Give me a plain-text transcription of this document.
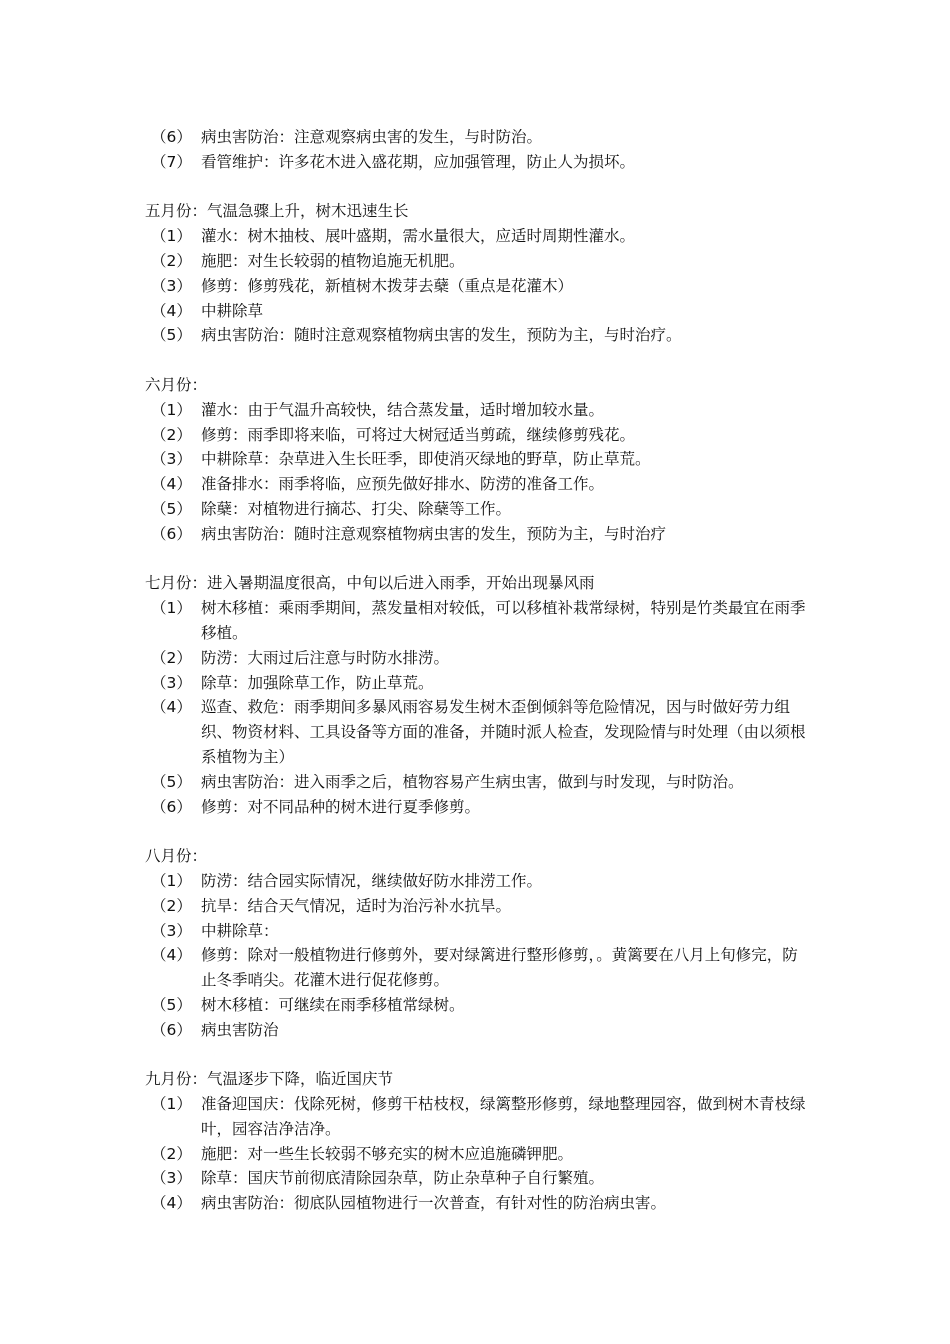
（6） 病虫害防治：注意观察病虫害的发生，与时防治。
（7） 看管维护：许多花木进入盛花期，应加强管理，防止人为损坏。
五月份：气温急骤上升，树木迅速生长
（1） 灌水：树木抽枝、展叶盛期，需水量很大，应适时周期性灌水。
（2） 施肥：对生长较弱的植物追施无机肥。
（3） 修剪：修剪残花，新植树木拨芽去蘖（重点是花灌木）
（4） 中耕除草
（5） 病虫害防治：随时注意观察植物病虫害的发生，预防为主，与时治疗。
六月份：
（1） 灌水：由于气温升高较快，结合蒸发量，适时增加较水量。
（2） 修剪：雨季即将来临，可将过大树冠适当剪疏，继续修剪残花。
（3） 中耕除草：杂草进入生长旺季，即使消灭绿地的野草，防止草荒。
（4） 准备排水：雨季将临，应预先做好排水、防涝的准备工作。
（5） 除蘖：对植物进行摘芯、打尖、除蘖等工作。
（6） 病虫害防治：随时注意观察植物病虫害的发生，预防为主，与时治疗
七月份：进入暑期温度很高，中旬以后进入雨季，开始出现暴风雨
（1） 树木移植：乘雨季期间，蒸发量相对较低，可以移植补栽常绿树，特别是竹类最宜在雨季移植。
（2） 防涝：大雨过后注意与时防水排涝。
（3） 除草：加强除草工作，防止草荒。
（4） 巡查、救危：雨季期间多暴风雨容易发生树木歪倒倾斜等危险情况，因与时做好劳力组织、物资材料、工具设备等方面的准备，并随时派人检查，发现险情与时处理（由以须根系植物为主）
（5） 病虫害防治：进入雨季之后，植物容易产生病虫害，做到与时发现，与时防治。
（6） 修剪：对不同品种的树木进行夏季修剪。
八月份：
（1） 防涝：结合园实际情况，继续做好防水排涝工作。
（2） 抗旱：结合天气情况，适时为治污补水抗旱。
（3） 中耕除草：
（4） 修剪：除对一般植物进行修剪外，要对绿篱进行整形修剪，。黄篱要在八月上旬修完，防止冬季哨尖。花灌木进行促花修剪。
（5） 树木移植：可继续在雨季移植常绿树。
（6） 病虫害防治
九月份：气温逐步下降，临近国庆节
（1） 准备迎国庆：伐除死树，修剪干枯枝杈，绿篱整形修剪，绿地整理园容，做到树木青枝绿叶，园容洁净洁净。
（2） 施肥：对一些生长较弱不够充实的树木应追施磷钾肥。
（3） 除草：国庆节前彻底清除园杂草，防止杂草种子自行繁殖。
（4） 病虫害防治：彻底队园植物进行一次普查，有针对性的防治病虫害。
